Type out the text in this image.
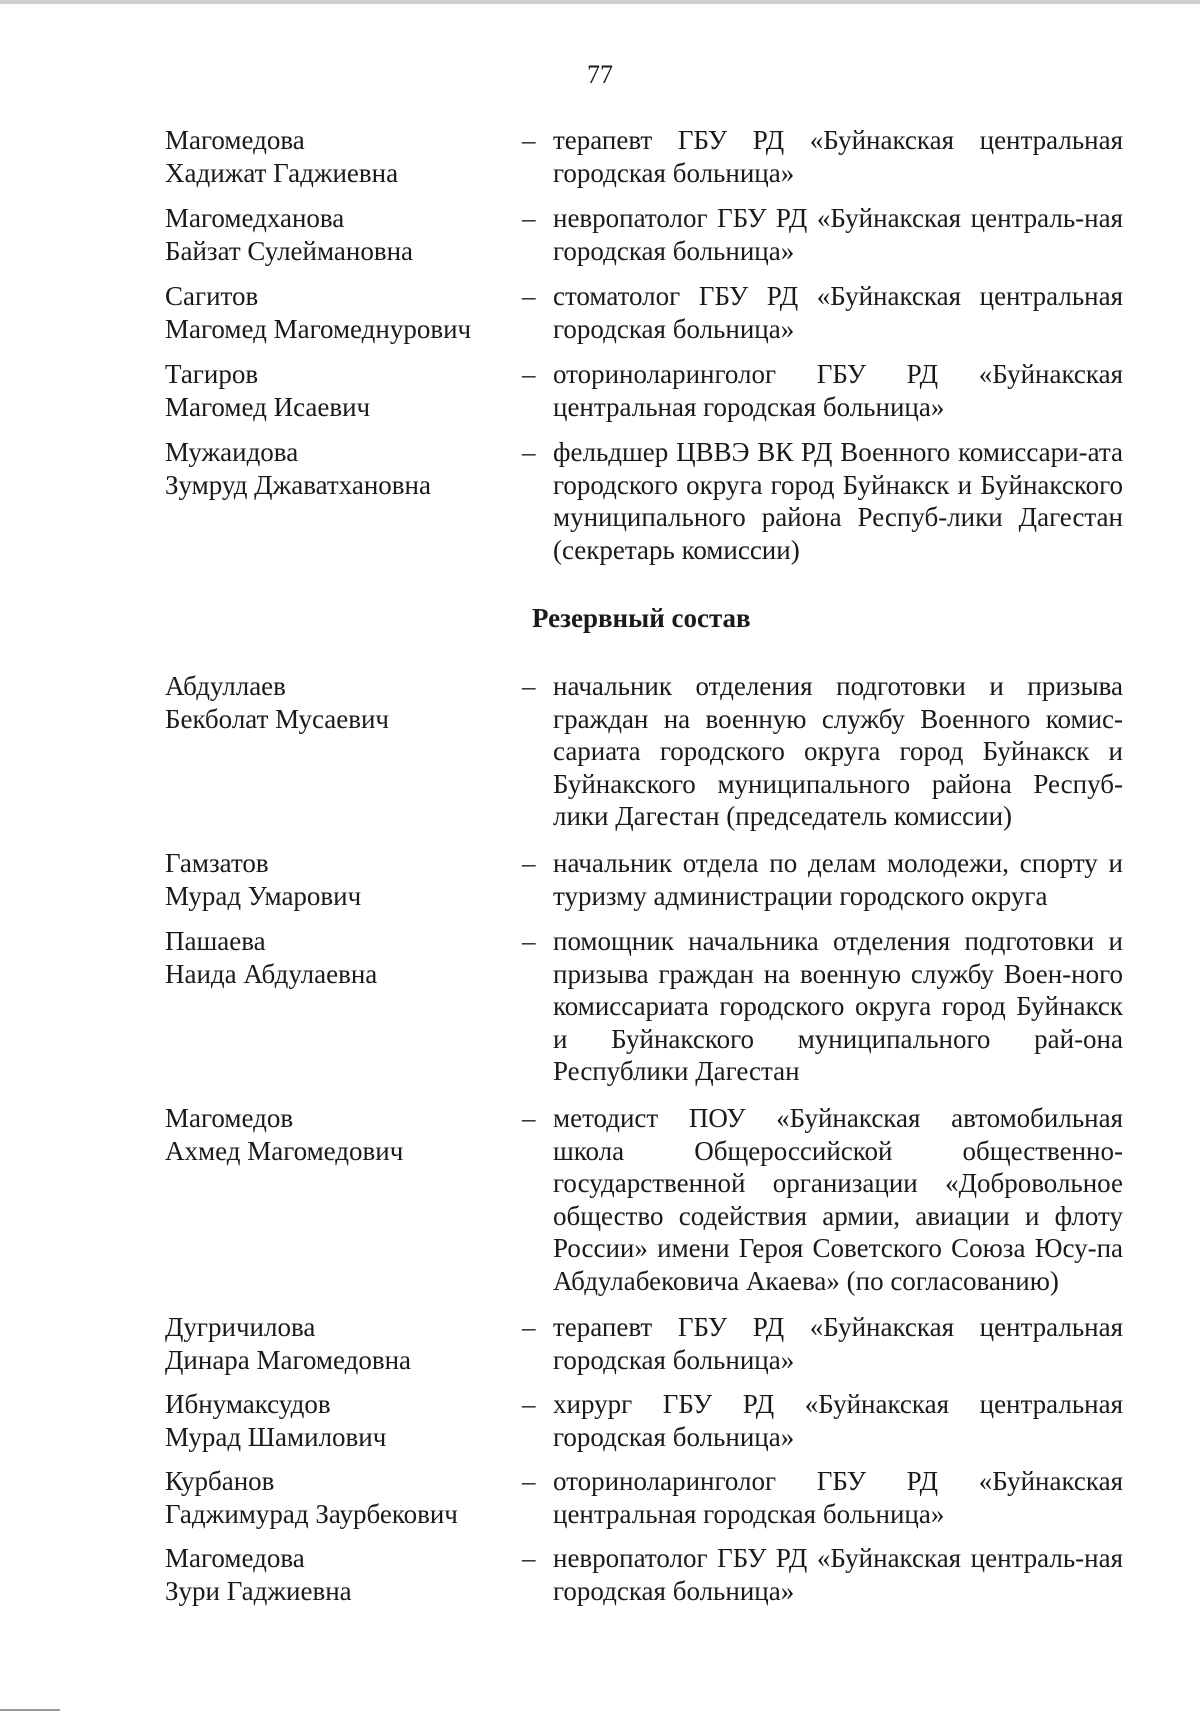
77
Магомедова
Хадижат Гаджиевна
– терапевт ГБУ РД «Буйнакская центральная городская больница»
Магомедханова
Байзат Сулеймановна
– невропатолог ГБУ РД «Буйнакская централь-ная городская больница»
Сагитов
Магомед Магомеднурович
– стоматолог ГБУ РД «Буйнакская центральная городская больница»
Тагиров
Магомед Исаевич
– оториноларинголог ГБУ РД «Буйнакская центральная городская больница»
Мужаидова
Зумруд Джаватхановна
– фельдшер ЦВВЭ ВК РД Военного комиссари-ата городского округа город Буйнакск и Буйнакского муниципального района Респуб-лики Дагестан (секретарь комиссии)
Резервный состав
Абдуллаев
Бекболат Мусаевич
– начальник отделения подготовки и призыва граждан на военную службу Военного комис-сариата городского округа город Буйнакск и Буйнакского муниципального района Респуб-лики Дагестан (председатель комиссии)
Гамзатов
Мурад Умарович
– начальник отдела по делам молодежи, спорту и туризму администрации городского округа
Пашаева
Наида Абдулаевна
– помощник начальника отделения подготовки и призыва граждан на военную службу Воен-ного комиссариата городского округа город Буйнакск и Буйнакского муниципального рай-она Республики Дагестан
Магомедов
Ахмед Магомедович
– методист ПОУ «Буйнакская автомобильная школа Общероссийской общественно-государственной организации «Добровольное общество содействия армии, авиации и флоту России» имени Героя Советского Союза Юсу-па Абдулабековича Акаева» (по согласованию)
Дугричилова
Динара Магомедовна
– терапевт ГБУ РД «Буйнакская центральная городская больница»
Ибнумаксудов
Мурад Шамилович
– хирург ГБУ РД «Буйнакская центральная городская больница»
Курбанов
Гаджимурад Заурбекович
– оториноларинголог ГБУ РД «Буйнакская центральная городская больница»
Магомедова
Зури Гаджиевна
– невропатолог ГБУ РД «Буйнакская централь-ная городская больница»
